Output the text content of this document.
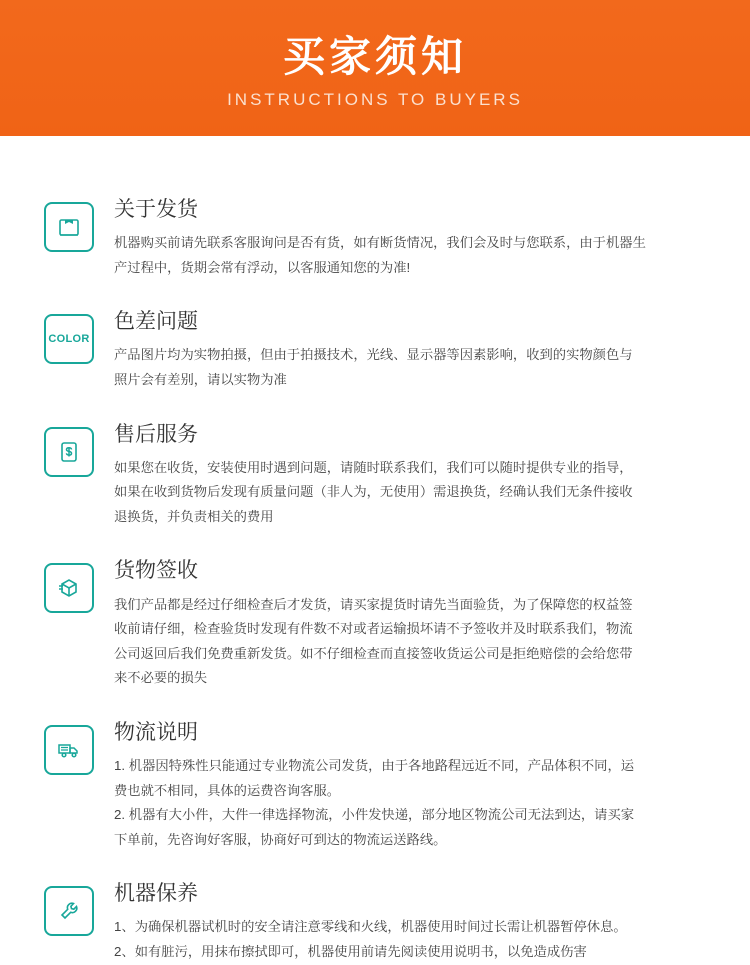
买家须知
INSTRUCTIONS TO BUYERS
关于发货

机器购买前请先联系客服询问是否有货，如有断货情况，我们会及时与您联系，由于机器生
产过程中，货期会常有浮动，以客服通知您的为准!

COLOR
色差问题

产品图片均为实物拍摄，但由于拍摄技术，光线、显示器等因素影响，收到的实物颜色与
照片会有差别，请以实物为准

售后服务

如果您在收货，安装使用时遇到问题，请随时联系我们，我们可以随时提供专业的指导，
如果在收到货物后发现有质量问题（非人为，无使用）需退换货，经确认我们无条件接收
退换货，并负责相关的费用

货物签收

我们产品都是经过仔细检查后才发货，请买家提货时请先当面验货，为了保障您的权益签
收前请仔细，检查验货时发现有件数不对或者运输损坏请不予签收并及时联系我们，物流
公司返回后我们免费重新发货。如不仔细检查而直接签收货运公司是拒绝赔偿的会给您带
来不必要的损失

物流说明

1. 机器因特殊性只能通过专业物流公司发货，由于各地路程远近不同，产品体积不同，运
费也就不相同，具体的运费咨询客服。
2. 机器有大小件，大件一律选择物流，小件发快递，部分地区物流公司无法到达，请买家
下单前，先咨询好客服，协商好可到达的物流运送路线。

机器保养

1、为确保机器试机时的安全请注意零线和火线，机器使用时间过长需让机器暂停休息。
2、如有脏污，用抹布擦拭即可，机器使用前请先阅读使用说明书，以免造成伤害
